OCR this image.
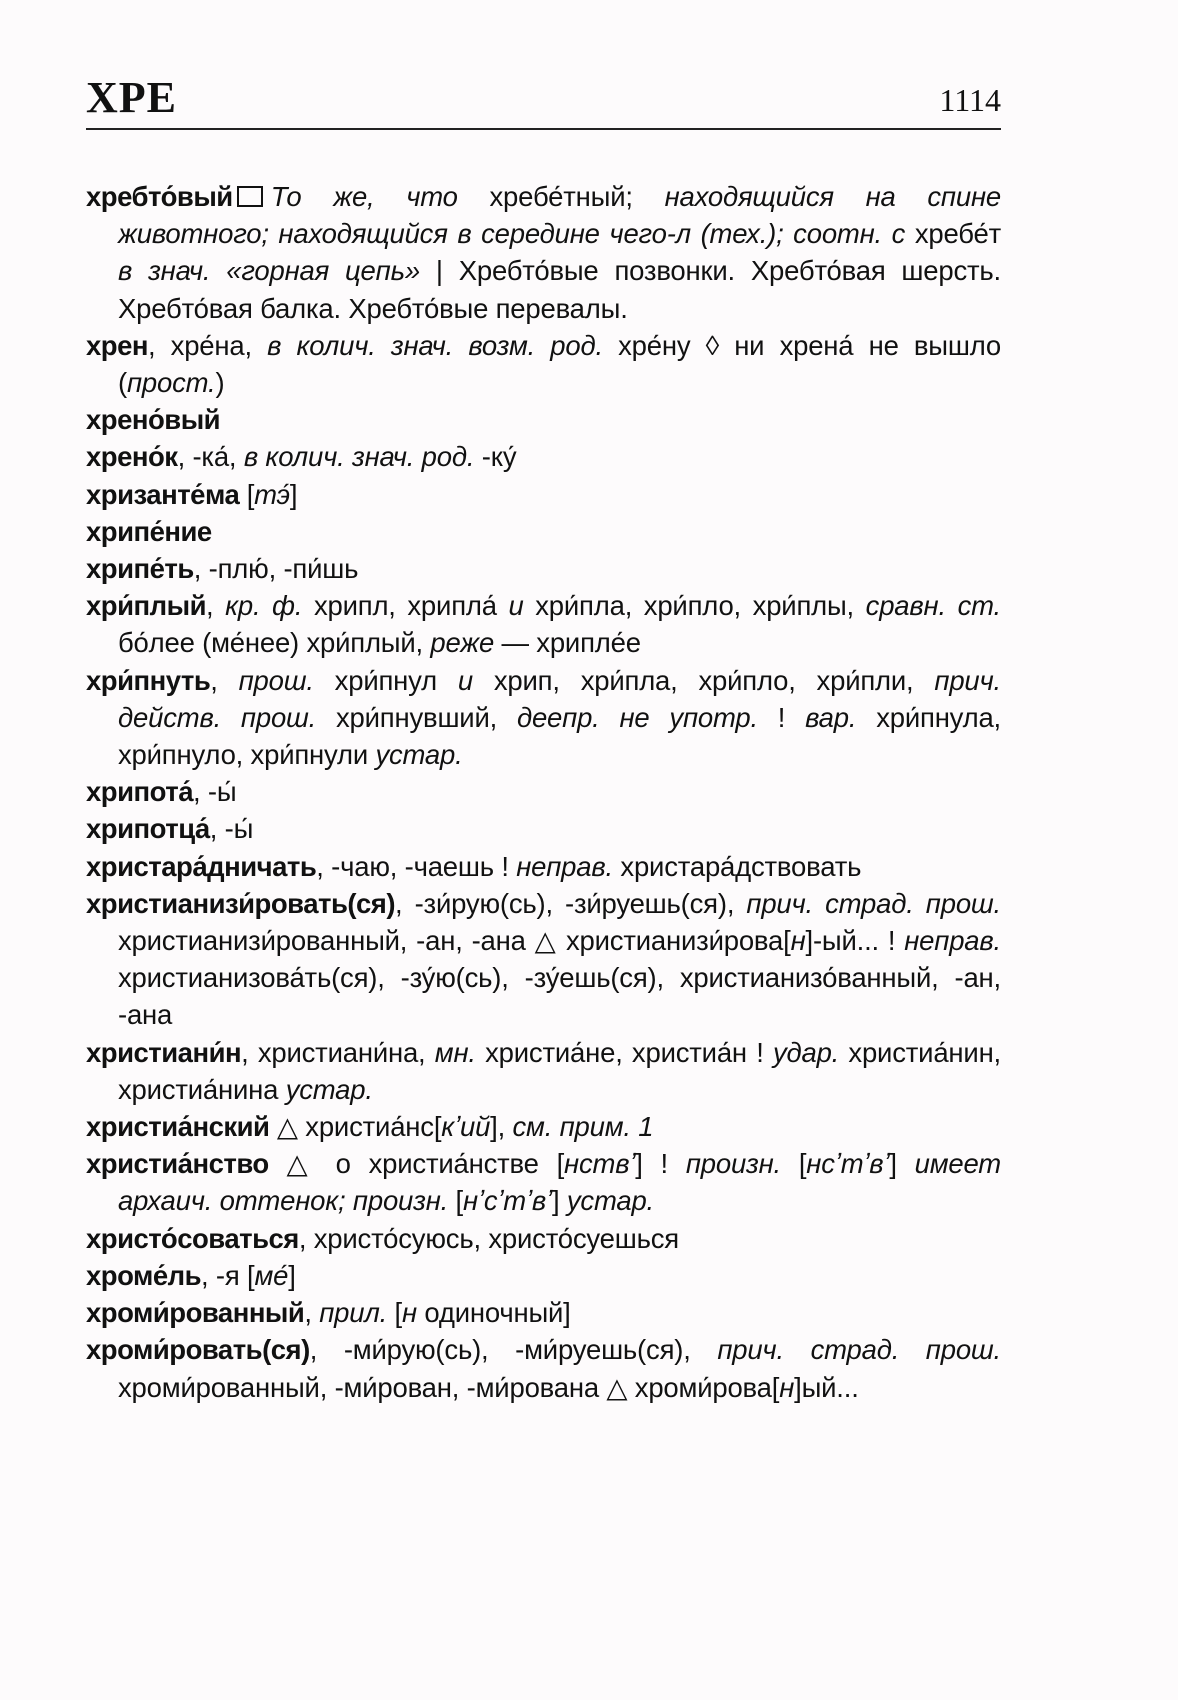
ХРЕ	1114

хребто́вый То же, что хребе́тный; находящийся на спине животного; находящийся в середине чего-л (тех.); соотн. с хребе́т в знач. «горная цепь» | Хребто́вые позвонки. Хребто́вая шерсть. Хребто́вая балка. Хребто́вые перевалы.

хрен, хре́на, в колич. знач. возм. род. хре́ну ◊ ни хрена́ не вышло (прост.)

хрено́вый

хрено́к, -ка́, в колич. знач. род. -ку́

хризанте́ма [тэ́]

хрипе́ние

хрипе́ть, -плю́, -пи́шь

хри́плый, кр. ф. хрипл, хрипла́ и хри́пла, хри́пло, хри́плы, сравн. ст. бо́лее (ме́нее) хри́плый, реже — хрипле́е

хри́пнуть, прош. хри́пнул и хрип, хри́пла, хри́пло, хри́пли, прич. действ. прош. хри́пнувший, деепр. не употр. ! вар. хри́пнула, хри́пнуло, хри́пнули устар.

хрипота́, -ы́

хрипотца́, -ы́

христара́дничать, -чаю, -чаешь ! неправ. христара́дствовать

христианизи́ровать(ся), -зи́рую(сь), -зи́руешь(ся), прич. страд. прош. христианизи́рованный, -ан, -ана △ христианизи́рова[н]-ый... ! неправ. христианизова́ть(ся), -зу́ю(сь), -зу́ешь(ся), христианизо́ванный, -ан, -ана

христиани́н, христиани́на, мн. христиа́не, христиа́н ! удар. христиа́нин, христиа́нина устар.

христиа́нский △ христиа́нс[кʼий], см. прим. 1

христиа́нство △ о христиа́нстве [нствʼ] ! произн. [нсʼтʼвʼ] имеет архаич. оттенок; произн. [нʼсʼтʼвʼ] устар.

христо́соваться, христо́суюсь, христо́суешься

хроме́ль, -я [ме́]

хроми́рованный, прил. [н одиночный]

хроми́ровать(ся), -ми́рую(сь), -ми́руешь(ся), прич. страд. прош. хроми́рованный, -ми́рован, -ми́рована △ хроми́рова[н]ый...
